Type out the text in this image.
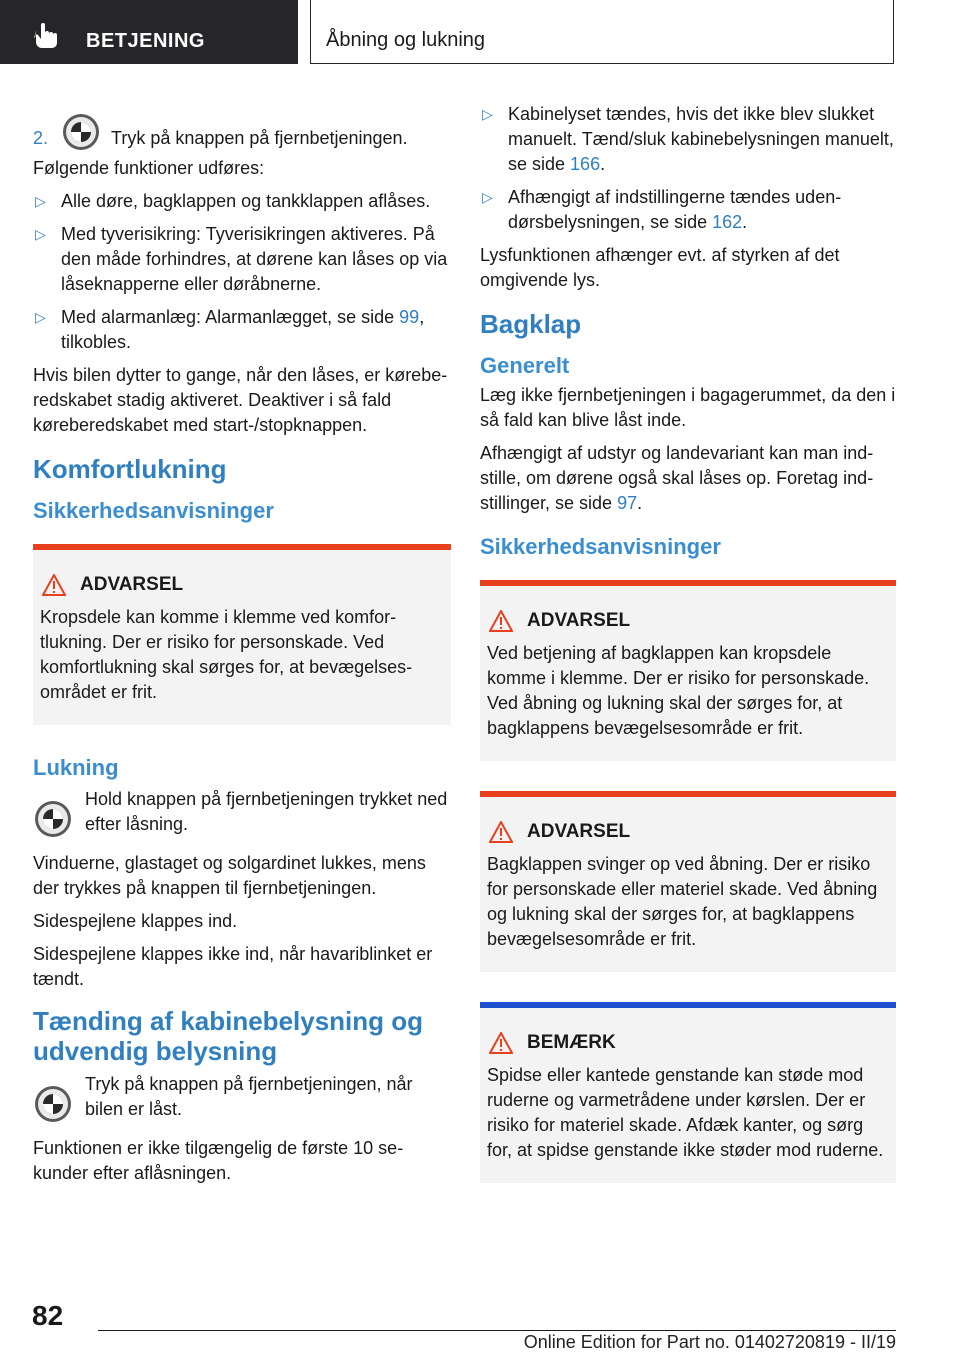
BETJENING	Åbning og lukning
2.	Tryk på knappen på fjernbetjeningen.

Følgende funktioner udføres:

▷ Alle døre, bagklappen og tankklappen aflåses.
▷ Med tyverisikring: Tyverisikringen aktiveres. På den måde forhindres, at dørene kan låses op via låseknapperne eller døråbnerne.
▷ Med alarmanlæg: Alarmanlægget, se side 99, tilkobles.

Hvis bilen dytter to gange, når den låses, er køreberedskabet stadig aktiveret. Deaktiver i så fald køreberedskabet med start-/stopknappen.

Komfortlukning
Sikkerhedsanvisninger
ADVARSEL

Kropsdele kan komme i klemme ved komfortlukning. Der er risiko for personskade. Ved komfortlukning skal sørges for, at bevægelsesområdet er frit.

Lukning
Hold knappen på fjernbetjeningen trykket ned efter låsning.

Vinduerne, glastaget og solgardinet lukkes, mens der trykkes på knappen til fjernbetjeningen.

Sidespejlene klappes ind.

Sidespejlene klappes ikke ind, når havariblinket er tændt.

Tænding af kabinebelysning og udvendig belysning
Tryk på knappen på fjernbetjeningen, når bilen er låst.

Funktionen er ikke tilgængelig de første 10 sekunder efter aflåsningen.

▷ Kabinelyset tændes, hvis det ikke blev slukket manuelt. Tænd/sluk kabinebelysningen manuelt, se side 166.
▷ Afhængigt af indstillingerne tændes udendørsbelysningen, se side 162.

Lysfunktionen afhænger evt. af styrken af det omgivende lys.

Bagklap
Generelt

Læg ikke fjernbetjeningen i bagagerummet, da den i så fald kan blive låst inde.

Afhængigt af udstyr og landevariant kan man indstille, om dørene også skal låses op. Foretag indstillinger, se side 97.

Sikkerhedsanvisninger
ADVARSEL

Ved betjening af bagklappen kan kropsdele komme i klemme. Der er risiko for personskade. Ved åbning og lukning skal der sørges for, at bagklappens bevægelsesområde er frit.

ADVARSEL

Bagklappen svinger op ved åbning. Der er risiko for personskade eller materiel skade. Ved åbning og lukning skal der sørges for, at bagklappens bevægelsesområde er frit.

BEMÆRK

Spidse eller kantede genstande kan støde mod ruderne og varmetrådene under kørslen. Der er risiko for materiel skade. Afdæk kanter, og sørg for, at spidse genstande ikke støder mod ruderne.

82
Online Edition for Part no. 01402720819 - II/19
